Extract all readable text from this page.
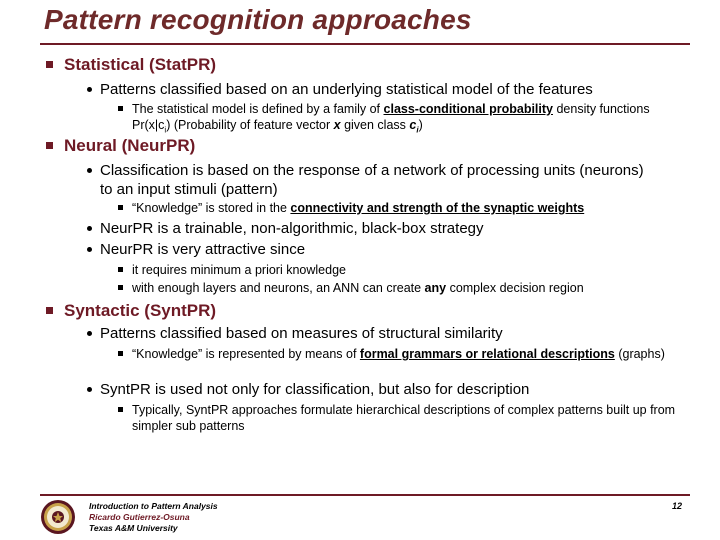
Pattern recognition approaches
Statistical (StatPR)
Patterns classified based on an underlying statistical model of the features
The statistical model is defined by a family of class-conditional probability density functions $Pr(x|c_i)$ (Probability of feature vector x given class $c_i$)
Neural (NeurPR)
Classification is based on the response of a network of processing units (neurons) to an input stimuli (pattern)
“Knowledge” is stored in the connectivity and strength of the synaptic weights
NeurPR is a trainable, non-algorithmic, black-box strategy
NeurPR is very attractive since
it requires minimum a priori knowledge
with enough layers and neurons, an ANN can create any complex decision region
Syntactic (SyntPR)
Patterns classified based on measures of structural similarity
“Knowledge” is represented by means of formal grammars or relational descriptions (graphs)
SyntPR is used not only for classification, but also for description
Typically, SyntPR approaches formulate hierarchical descriptions of complex patterns built up from simpler sub patterns
Introduction to Pattern Analysis
Ricardo Gutierrez-Osuna
Texas A&M University
12
